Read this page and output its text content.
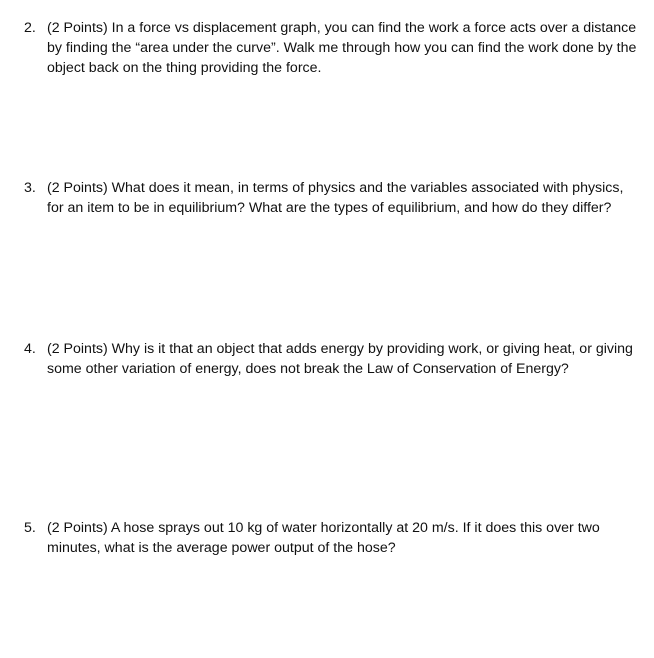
2. (2 Points) In a force vs displacement graph, you can find the work a force acts over a distance by finding the “area under the curve”. Walk me through how you can find the work done by the object back on the thing providing the force.

3. (2 Points) What does it mean, in terms of physics and the variables associated with physics, for an item to be in equilibrium? What are the types of equilibrium, and how do they differ?

4. (2 Points) Why is it that an object that adds energy by providing work, or giving heat, or giving some other variation of energy, does not break the Law of Conservation of Energy?

5. (2 Points) A hose sprays out 10 kg of water horizontally at 20 m/s. If it does this over two minutes, what is the average power output of the hose?
